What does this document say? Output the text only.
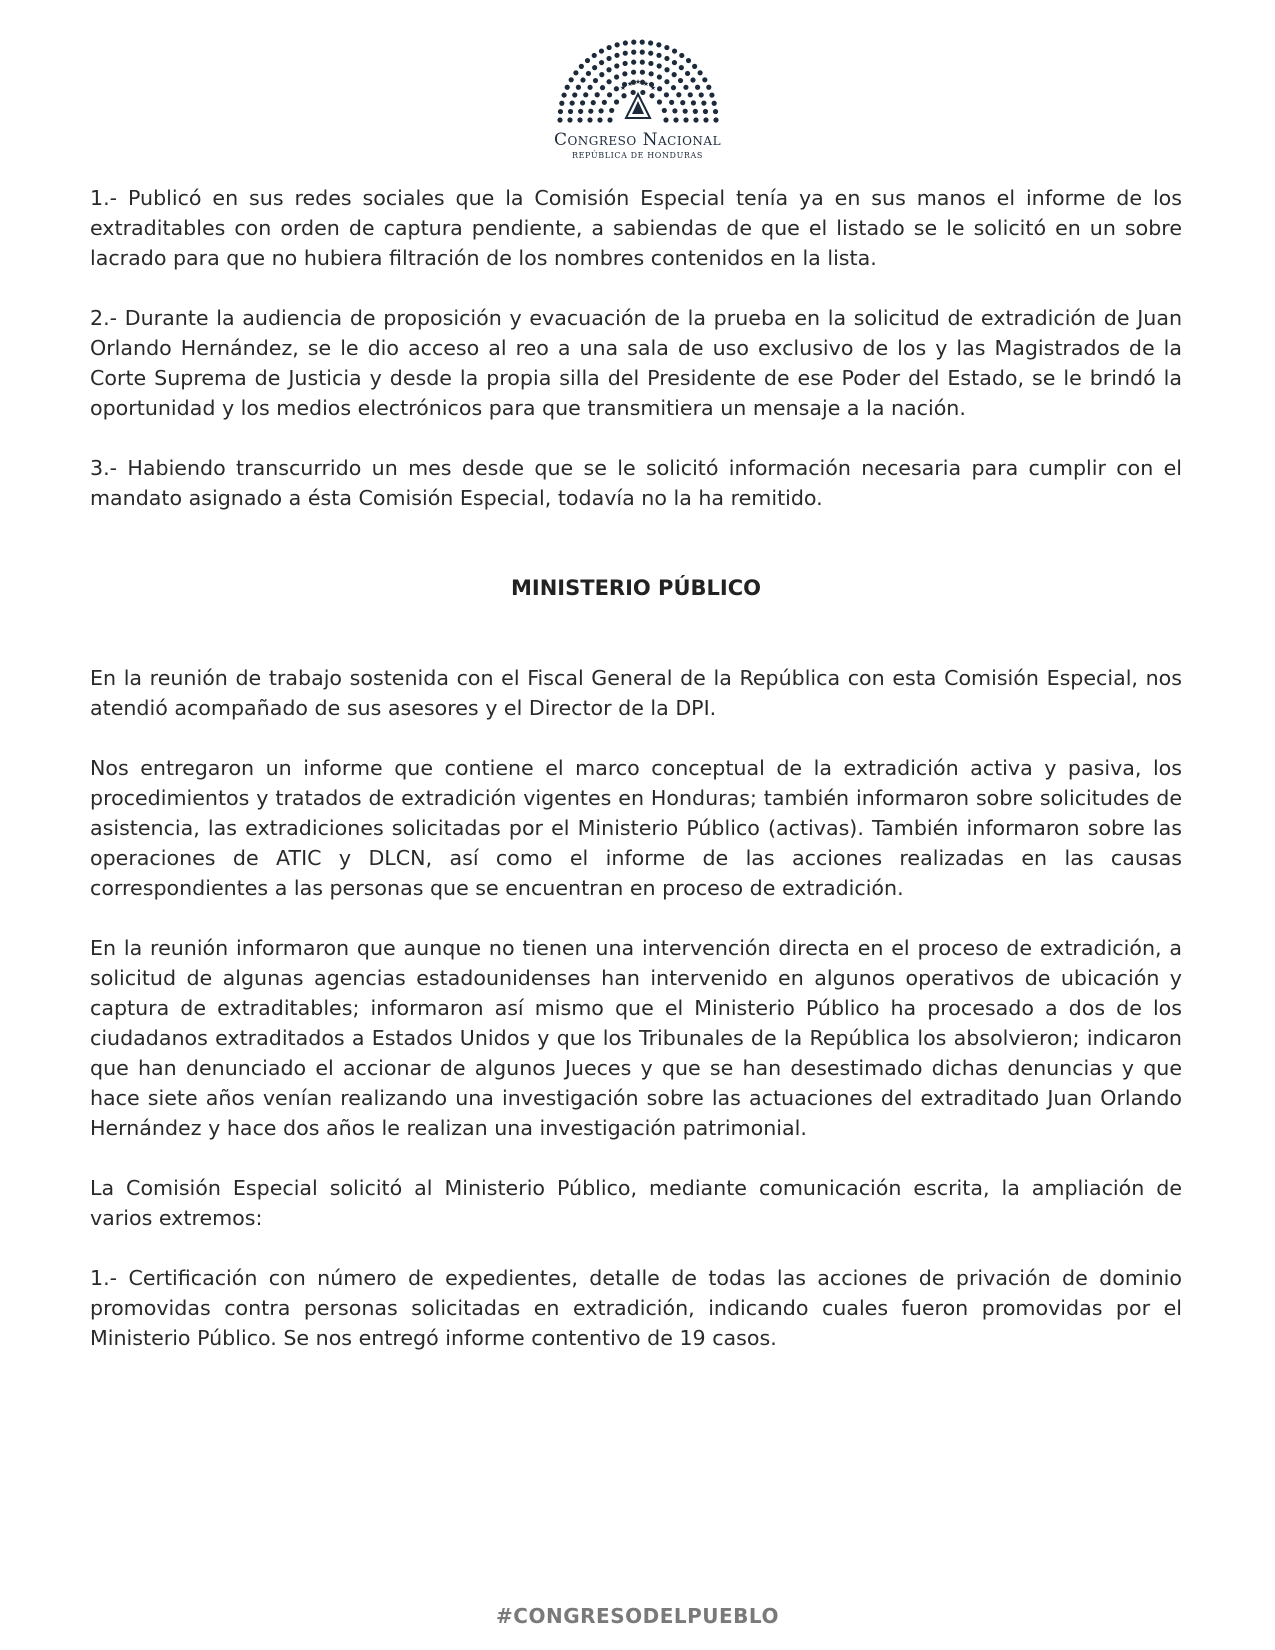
★ ★ ★ ★ ★
Congreso Nacional
REPÚBLICA DE HONDURAS

1.- Publicó en sus redes sociales que la Comisión Especial tenía ya en sus manos el informe de los extraditables con orden de captura pendiente, a sabiendas de que el listado se le solicitó en un sobre lacrado para que no hubiera filtración de los nombres contenidos en la lista.

2.- Durante la audiencia de proposición y evacuación de la prueba en la solicitud de extradición de Juan Orlando Hernández, se le dio acceso al reo a una sala de uso exclusivo de los y las Magistrados de la Corte Suprema de Justicia y desde la propia silla del Presidente de ese Poder del Estado, se le brindó la oportunidad y los medios electrónicos para que transmitiera un mensaje a la nación.

3.- Habiendo transcurrido un mes desde que se le solicitó información necesaria para cumplir con el mandato asignado a ésta Comisión Especial, todavía no la ha remitido.

MINISTERIO PÚBLICO

En la reunión de trabajo sostenida con el Fiscal General de la República con esta Comisión Especial, nos atendió acompañado de sus asesores y el Director de la DPI.

Nos entregaron un informe que contiene el marco conceptual de la extradición activa y pasiva, los procedimientos y tratados de extradición vigentes en Honduras; también informaron sobre solicitudes de asistencia, las extradiciones solicitadas por el Ministerio Público (activas). También informaron sobre las operaciones de ATIC y DLCN, así como el informe de las acciones realizadas en las causas correspondientes a las personas que se encuentran en proceso de extradición.

En la reunión informaron que aunque no tienen una intervención directa en el proceso de extradición, a solicitud de algunas agencias estadounidenses han intervenido en algunos operativos de ubicación y captura de extraditables; informaron así mismo que el Ministerio Público ha procesado a dos de los ciudadanos extraditados a Estados Unidos y que los Tribunales de la República los absolvieron; indicaron que han denunciado el accionar de algunos Jueces y que se han desestimado dichas denuncias y que hace siete años venían realizando una investigación sobre las actuaciones del extraditado Juan Orlando Hernández y hace dos años le realizan una investigación patrimonial.

La Comisión Especial solicitó al Ministerio Público, mediante comunicación escrita, la ampliación de varios extremos:

1.- Certificación con número de expedientes, detalle de todas las acciones de privación de dominio promovidas contra personas solicitadas en extradición, indicando cuales fueron promovidas por el Ministerio Público. Se nos entregó informe contentivo de 19 casos.

#CONGRESODELPUEBLO
